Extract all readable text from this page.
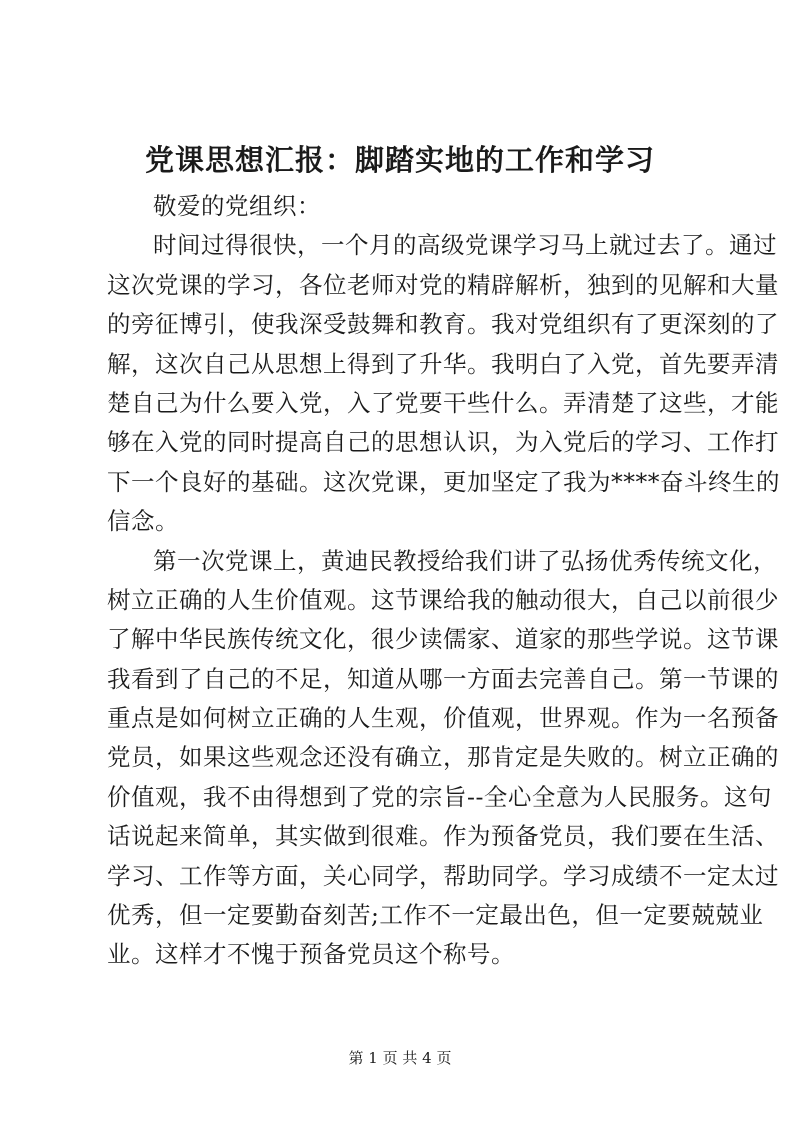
党课思想汇报：脚踏实地的工作和学习
敬爱的党组织：
时间过得很快，一个月的高级党课学习马上就过去了。通过
这次党课的学习，各位老师对党的精辟解析，独到的见解和大量
的旁征博引，使我深受鼓舞和教育。我对党组织有了更深刻的了
解，这次自己从思想上得到了升华。我明白了入党，首先要弄清
楚自己为什么要入党，入了党要干些什么。弄清楚了这些，才能
够在入党的同时提高自己的思想认识，为入党后的学习、工作打
下一个良好的基础。这次党课，更加坚定了我为****奋斗终生的
信念。
第一次党课上，黄迪民教授给我们讲了弘扬优秀传统文化，
树立正确的人生价值观。这节课给我的触动很大，自己以前很少
了解中华民族传统文化，很少读儒家、道家的那些学说。这节课
我看到了自己的不足，知道从哪一方面去完善自己。第一节课的
重点是如何树立正确的人生观，价值观，世界观。作为一名预备
党员，如果这些观念还没有确立，那肯定是失败的。树立正确的
价值观，我不由得想到了党的宗旨--全心全意为人民服务。这句
话说起来简单，其实做到很难。作为预备党员，我们要在生活、
学习、工作等方面，关心同学，帮助同学。学习成绩不一定太过
优秀，但一定要勤奋刻苦;工作不一定最出色，但一定要兢兢业
业。这样才不愧于预备党员这个称号。
第 1 页 共 4 页
